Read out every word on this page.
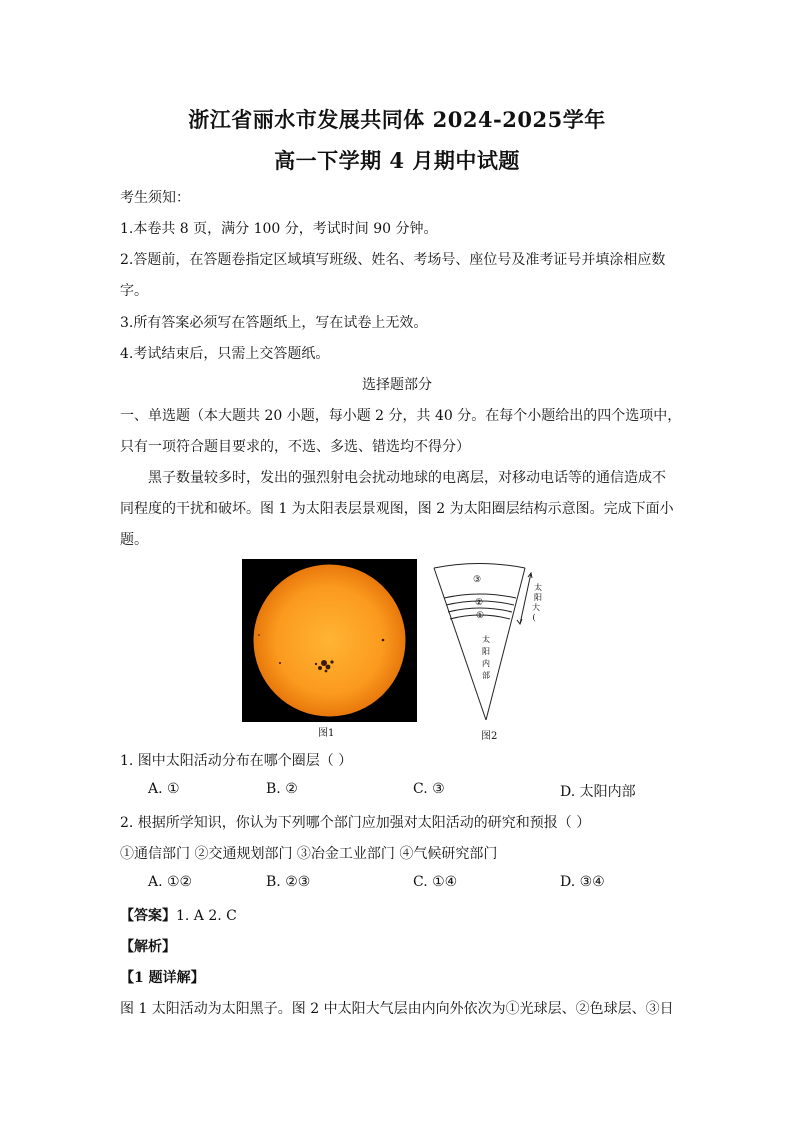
浙江省丽水市发展共同体 2024-2025学年
高一下学期 4 月期中试题
考生须知：
1.本卷共 8 页，满分 100 分，考试时间 90 分钟。
2.答题前，在答题卷指定区域填写班级、姓名、考场号、座位号及准考证号并填涂相应数
字。
3.所有答案必须写在答题纸上，写在试卷上无效。
4.考试结束后，只需上交答题纸。
选择题部分
一、单选题（本大题共 20 小题，每小题 2 分，共 40 分。在每个小题给出的四个选项中，
只有一项符合题目要求的，不选、多选、错选均不得分）
黑子数量较多时，发出的强烈射电会扰动地球的电离层，对移动电话等的通信造成不
同程度的干扰和破坏。图 1 为太阳表层景观图，图 2 为太阳圈层结构示意图。完成下面小
题。
图1
③
②
①
太
阳
大
(
太
阳
内
部
图2
1. 图中太阳活动分布在哪个圈层（ ）
A. ①	B. ②	C. ③	D. 太阳内部
2. 根据所学知识，你认为下列哪个部门应加强对太阳活动的研究和预报（ ）
①通信部门 ②交通规划部门 ③冶金工业部门 ④气候研究部门
A. ①②	B. ②③	C. ①④	D. ③④
【答案】1. A 2. C
【解析】
【1 题详解】
图 1 太阳活动为太阳黑子。图 2 中太阳大气层由内向外依次为①光球层、②色球层、③日
